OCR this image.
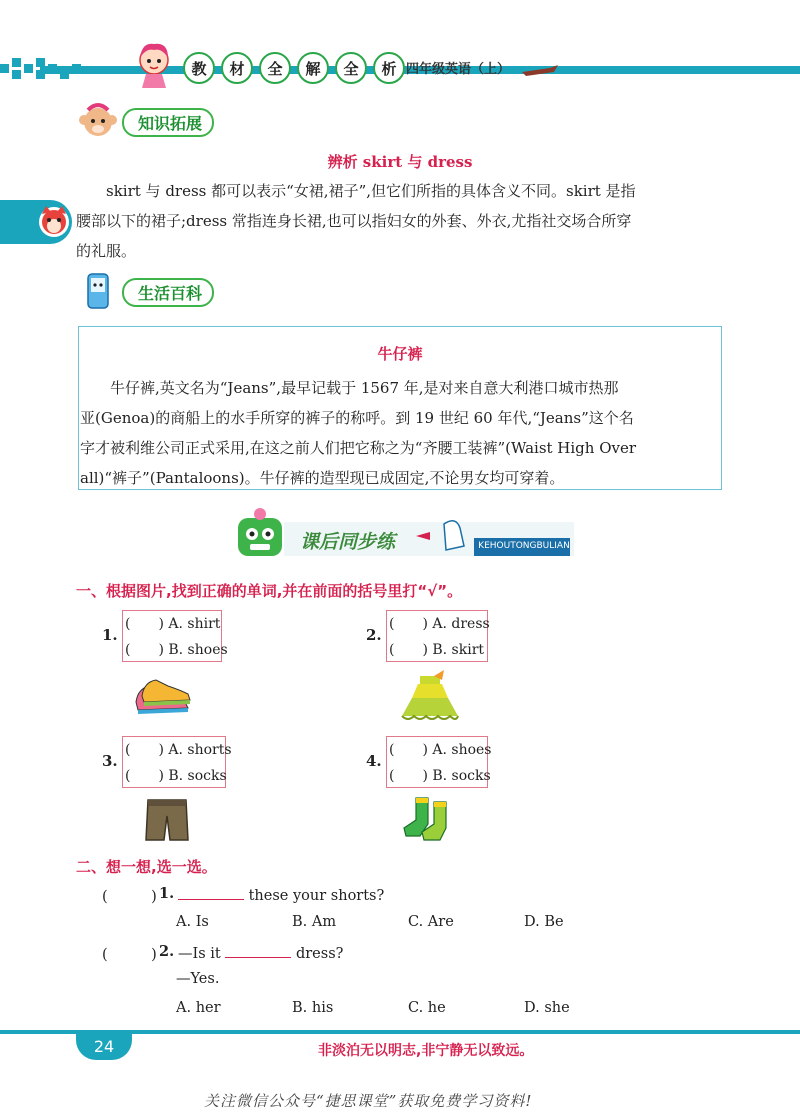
教	材	全	解	全	析 四年级英语（上）
知识拓展
辨析 skirt 与 dress
skirt 与 dress 都可以表示“女裙,裙子”,但它们所指的具体含义不同。skirt 是指
腰部以下的裙子;dress 常指连身长裙,也可以指妇女的外套、外衣,尤指社交场合所穿
的礼服。
生活百科
牛仔裤
牛仔裤,英文名为“Jeans”,最早记载于 1567 年,是对来自意大利港口城市热那
亚(Genoa)的商船上的水手所穿的裤子的称呼。到 19 世纪 60 年代,“Jeans”这个名
字才被利维公司正式采用,在这之前人们把它称之为“齐腰工装裤”(Waist High Over
all)“裤子”(Pantaloons)。牛仔裤的造型现已成固定,不论男女均可穿着。
课后同步练	KEHOUTONGBULIAN
一、根据图片,找到正确的单词,并在前面的括号里打“√”。
1.
(　　) A. shirt
(　　) B. shoes
2.
(　　) A. dress
(　　) B. skirt
3.
(　　) A. shorts
(　　) B. socks
4.
(　　) A. shoes
(　　) B. socks
二、想一想,选一选。
(　　　) 1.	these your shorts?
A. Is	B. Am	C. Are	D. Be
(　　　) 2. —Is it	dress?
—Yes.
A. her	B. his	C. he	D. she
24	非淡泊无以明志,非宁静无以致远。
关注微信公众号“捷思课堂”获取免费学习资料!
